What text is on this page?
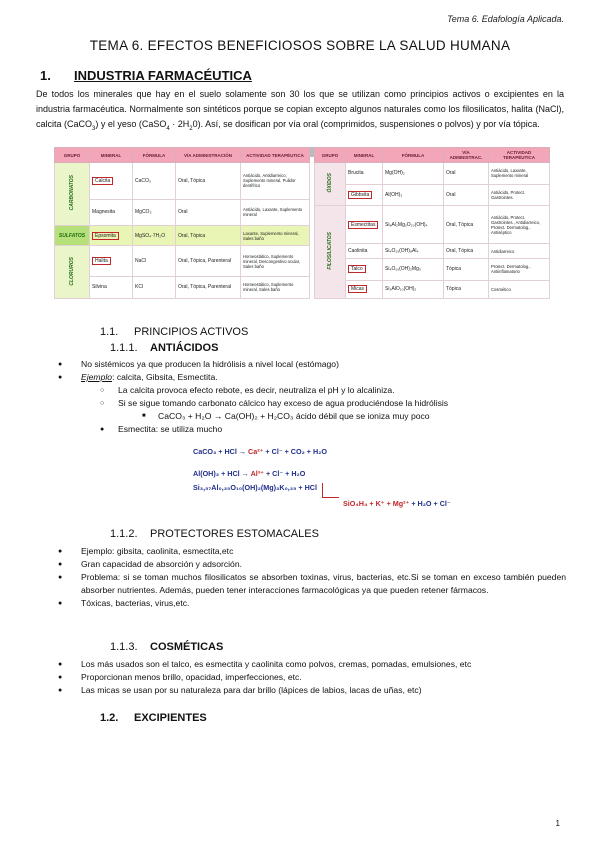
Tema 6. Edafología Aplicada.
TEMA 6. EFECTOS BENEFICIOSOS SOBRE LA SALUD HUMANA
1. INDUSTRIA FARMACÉUTICA
De todos los minerales que hay en el suelo solamente son 30 los que se utilizan como principios activos o excipientes en la industria farmacéutica. Normalmente son sintéticos porque se copian excepto algunos naturales como los filosilicatos, halita (NaCl), calcita (CaCO$_3$) y el yeso (CaSO$_4$ · $2H_20$). Así, se dosifican por vía oral (comprimidos, suspensiones o polvos) y por vía tópica.
GRUPO	MINERAL	FÓRMULA	VÍA ADMINISTRACIÓN	ACTIVIDAD TERAPÉUTICA
CARBONATOS	Calcita	CaCO₃	Oral, Tópica	Antiácido, Antidiarreico, Suplemento mineral, Pulidor dentífrico
	Magnesita	MgCO₃	Oral	Antiácido, Laxante, Suplemento mineral
SULFATOS	Epsomita	MgSO₄·7H₂O	Oral, Tópica	Laxante, Suplemento mineral, Sales baño
CLORUROS	Halita	NaCl	Oral, Tópica, Parenteral	Homeostático, Suplemento mineral, Descongestivo ocular, Sales baño
	Silvina	KCl	Oral, Tópica, Parenteral	Homeostático, Suplemento mineral, Sales baño
GRUPO	MINERAL	FÓRMULA	VÍA ADMINISTRAC.	ACTIVIDAD TERAPÉUTICA
ÓXIDOS	Brucita	Mg(OH)₂	Oral	Antiácido, Laxante, Suplemento mineral
	Gibbsita	Al(OH)₃	Oral	Antiácido, Protect. Gastrointes.
FILOSILICATOS	Esmectitas	Si₈Al₂Mg₂O₂₀(OH)₄	Oral, Tópica	Antiácido, Protect. Gastrointes., Antidiarreico, Protect. Dermatolog., Antiséptico
	Caolinita	Si₄O₁₀(OH)₈Al₄	Oral, Tópica	Antidiarreico
	Talco	Si₄O₁₀(OH)₂Mg₃	Tópica	Protect. Dermatolog., Antiinflamatorio
	Micas	Si₃AlO₁₀(OH)₂	Tópica	Cosmético
1.1. PRINCIPIOS ACTIVOS
1.1.1. ANTIÁCIDOS
● No sistémicos ya que producen la hidrólisis a nivel local (estómago)
● Ejemplo: calcita, Gibsita, Esmectita.
○ La calcita provoca efecto rebote, es decir, neutraliza el pH y lo alcaliniza.
○ Si se sigue tomando carbonato cálcico hay exceso de agua produciéndose la hidrólisis
■ CaCO₃ + H₂O → Ca(OH)₂ + H₂CO₃ ácido débil que se ioniza muy poco
● Esmectita: se utiliza mucho
CaCO₃ + HCl → Ca²⁺ + Cl⁻ + CO₂ + H₂O
Al(OH)₃ + HCl → Al³⁺ + Cl⁻ + H₂O
Si₃,₅₇Al₀,₃₅O₁₀(OH)₂(Mg)₃K₀,₃₅ + HCl
SiO₄H₄ + K⁺ + Mg²⁺ + H₂O + Cl⁻
1.1.2. PROTECTORES ESTOMACALES
● Ejemplo: gibsita, caolinita, esmectita,etc
● Gran capacidad de absorción y adsorción.
● Problema: si se toman muchos filosilicatos se absorben toxinas, virus, bacterias, etc.Si se toman en exceso también pueden absorber nutrientes. Además, pueden tener interacciones farmacológicas ya que pueden retener fármacos.
● Tóxicas, bacterias, virus,etc.
1.1.3. COSMÉTICAS
● Los más usados son el talco, es esmectita y caolinita como polvos, cremas, pomadas, emulsiones, etc
● Proporcionan menos brillo, opacidad, imperfecciones, etc.
● Las micas se usan por su naturaleza para dar brillo (lápices de labios, lacas de uñas, etc)
1.2. EXCIPIENTES
1
